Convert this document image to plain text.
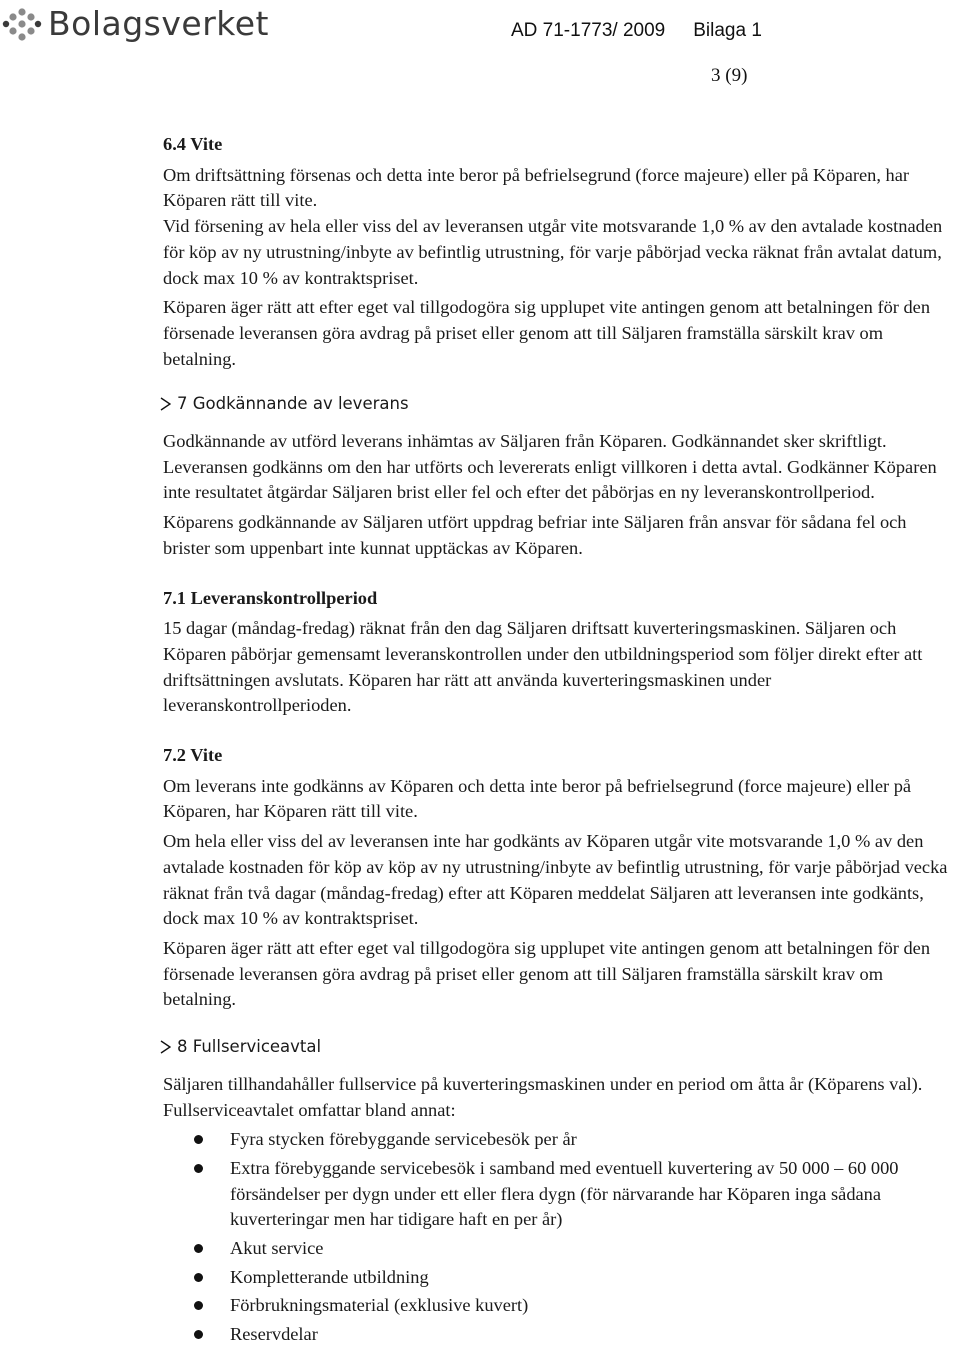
Bolagsverket	AD 71-1773/ 2009 Bilaga 1
3 (9)
6.4 Vite

Om driftsättning försenas och detta inte beror på befrielsegrund (force majeure) eller på Köparen, har Köparen rätt till vite.

Vid försening av hela eller viss del av leveransen utgår vite motsvarande 1,0 % av den avtalade kostnaden för köp av ny utrustning/inbyte av befintlig utrustning, för varje påbörjad vecka räknat från avtalat datum, dock max 10 % av kontraktspriset.

Köparen äger rätt att efter eget val tillgodogöra sig upplupet vite antingen genom att betalningen för den försenade leveransen göra avdrag på priset eller genom att till Säljaren framställa särskilt krav om betalning.

7 Godkännande av leverans

Godkännande av utförd leverans inhämtas av Säljaren från Köparen. Godkännandet sker skriftligt. Leveransen godkänns om den har utförts och levererats enligt villkoren i detta avtal. Godkänner Köparen inte resultatet åtgärdar Säljaren brist eller fel och efter det påbörjas en ny leveranskontrollperiod.

Köparens godkännande av Säljaren utfört uppdrag befriar inte Säljaren från ansvar för sådana fel och brister som uppenbart inte kunnat upptäckas av Köparen.

7.1 Leveranskontrollperiod

15 dagar (måndag-fredag) räknat från den dag Säljaren driftsatt kuverteringsmaskinen. Säljaren och Köparen påbörjar gemensamt leveranskontrollen under den utbildningsperiod som följer direkt efter att driftsättningen avslutats. Köparen har rätt att använda kuverteringsmaskinen under leveranskontrollperioden.

7.2 Vite

Om leverans inte godkänns av Köparen och detta inte beror på befrielsegrund (force majeure) eller på Köparen, har Köparen rätt till vite.

Om hela eller viss del av leveransen inte har godkänts av Köparen utgår vite motsvarande 1,0 % av den avtalade kostnaden för köp av köp av ny utrustning/inbyte av befintlig utrustning, för varje påbörjad vecka räknat från två dagar (måndag-fredag) efter att Köparen meddelat Säljaren att leveransen inte godkänts, dock max 10 % av kontraktspriset.

Köparen äger rätt att efter eget val tillgodogöra sig upplupet vite antingen genom att betalningen för den försenade leveransen göra avdrag på priset eller genom att till Säljaren framställa särskilt krav om betalning.

8 Fullserviceavtal

Säljaren tillhandahåller fullservice på kuverteringsmaskinen under en period om åtta år (Köparens val). Fullserviceavtalet omfattar bland annat:

Fyra stycken förebyggande servicebesök per år
Extra förebyggande servicebesök i samband med eventuell kuvertering av 50 000 – 60 000 försändelser per dygn under ett eller flera dygn (för närvarande har Köparen inga sådana kuverteringar men har tidigare haft en per år)
Akut service
Kompletterande utbildning
Förbrukningsmaterial (exklusive kuvert)
Reservdelar
